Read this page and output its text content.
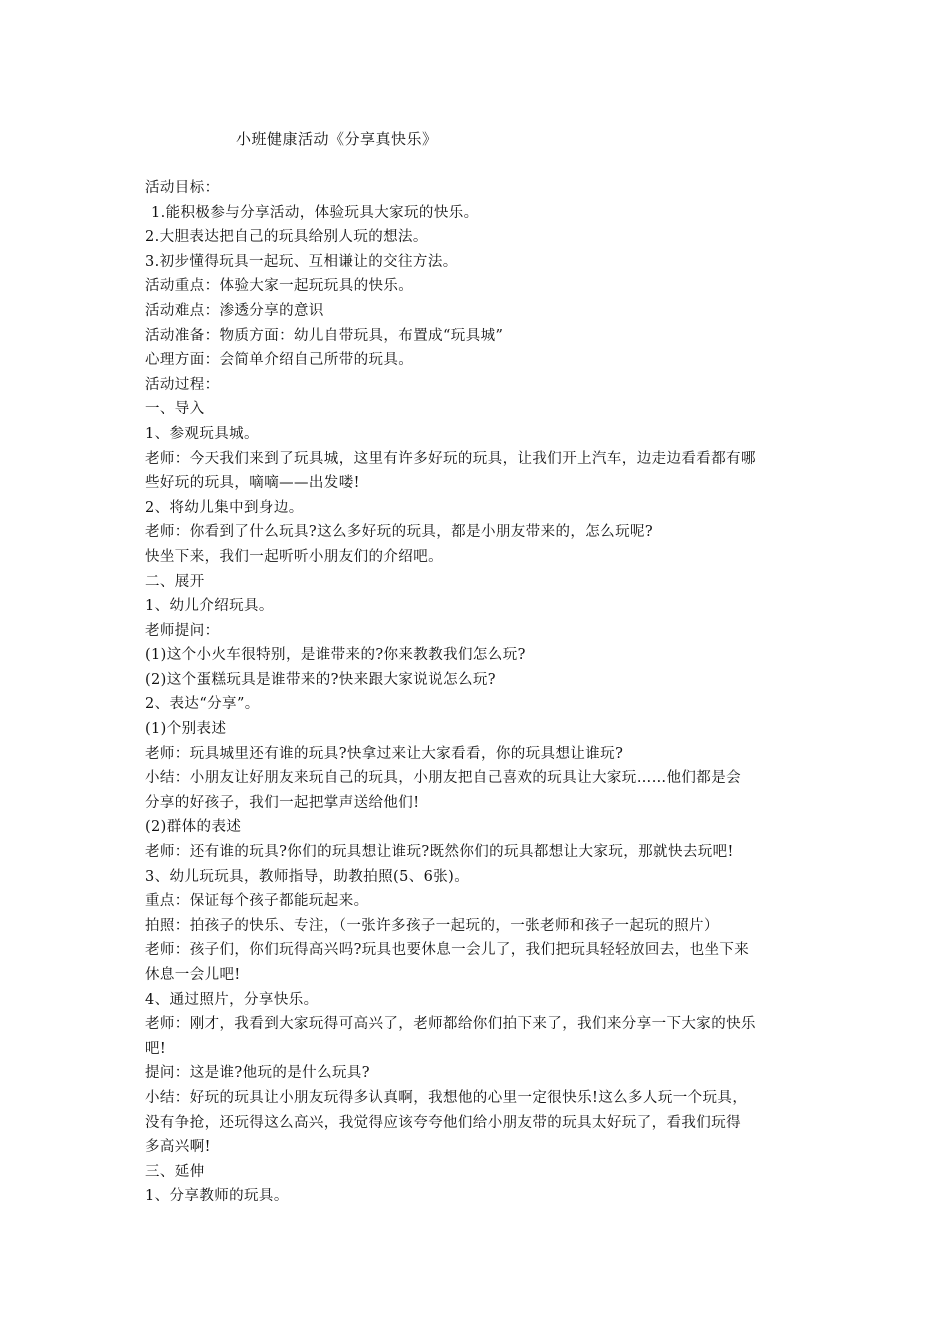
小班健康活动《分享真快乐》
活动目标：
1.能积极参与分享活动，体验玩具大家玩的快乐。
2.大胆表达把自己的玩具给别人玩的想法。
3.初步懂得玩具一起玩、互相谦让的交往方法。
活动重点：体验大家一起玩玩具的快乐。
活动难点：渗透分享的意识
活动准备：物质方面：幼儿自带玩具，布置成“玩具城”
心理方面：会简单介绍自己所带的玩具。
活动过程：
一、导入
1、参观玩具城。
老师：今天我们来到了玩具城，这里有许多好玩的玩具，让我们开上汽车，边走边看看都有哪
些好玩的玩具，嘀嘀——出发喽!
2、将幼儿集中到身边。
老师：你看到了什么玩具?这么多好玩的玩具，都是小朋友带来的，怎么玩呢?
快坐下来，我们一起听听小朋友们的介绍吧。
二、展开
1、幼儿介绍玩具。
老师提问：
(1)这个小火车很特别，是谁带来的?你来教教我们怎么玩?
(2)这个蛋糕玩具是谁带来的?快来跟大家说说怎么玩?
2、表达“分享”。
(1)个别表述
老师：玩具城里还有谁的玩具?快拿过来让大家看看，你的玩具想让谁玩?
小结：小朋友让好朋友来玩自己的玩具，小朋友把自己喜欢的玩具让大家玩……他们都是会
分享的好孩子，我们一起把掌声送给他们!
(2)群体的表述
老师：还有谁的玩具?你们的玩具想让谁玩?既然你们的玩具都想让大家玩，那就快去玩吧!
3、幼儿玩玩具，教师指导，助教拍照(5、6张)。
重点：保证每个孩子都能玩起来。
拍照：拍孩子的快乐、专注，（一张许多孩子一起玩的，一张老师和孩子一起玩的照片）
老师：孩子们，你们玩得高兴吗?玩具也要休息一会儿了，我们把玩具轻轻放回去，也坐下来
休息一会儿吧!
4、通过照片，分享快乐。
老师：刚才，我看到大家玩得可高兴了，老师都给你们拍下来了，我们来分享一下大家的快乐
吧!
提问：这是谁?他玩的是什么玩具?
小结：好玩的玩具让小朋友玩得多认真啊，我想他的心里一定很快乐!这么多人玩一个玩具，
没有争抢，还玩得这么高兴，我觉得应该夸夸他们给小朋友带的玩具太好玩了，看我们玩得
多高兴啊!
三、延伸
1、分享教师的玩具。
